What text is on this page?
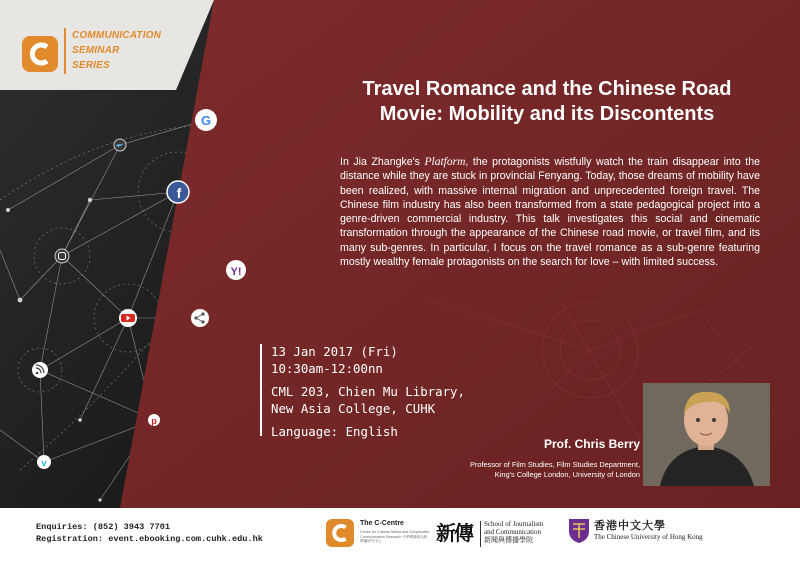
G
f
Y!
p
v
COMMUNICATION
SEMINAR
SERIES
Travel Romance and the Chinese Road
Movie: Mobility and its Discontents
In Jia Zhangke's Platform, the protagonists wistfully watch the train disappear into the distance while they are stuck in provincial Fenyang. Today, those dreams of mobility have been realized, with massive internal migration and unprecedented foreign travel. The Chinese film industry has also been transformed from a state pedagogical project into a genre-driven commercial industry. This talk investigates this social and cinematic transformation through the appearance of the Chinese road movie, or travel film, and its many sub-genres. In particular, I focus on the travel romance as a sub-genre featuring mostly wealthy female protagonists on the search for love – with limited success.
13 Jan 2017 (Fri)
10:30am-12:00nn
CML 203, Chien Mu Library,
New Asia College, CUHK
Language: English
Prof. Chris Berry
Professor of Film Studies, Film Studies Department,
King's College London, University of London
Enquiries: (852) 3943 7701
Registration: event.ebooking.com.cuhk.edu.hk
The C-Centre
Centre for Chinese Media and Comparative Communication Research 中華傳播與比較傳播研究中心	新傳	School of Journalism
and Communication
新聞與傳播學院
香港中文大學
The Chinese University of Hong Kong
